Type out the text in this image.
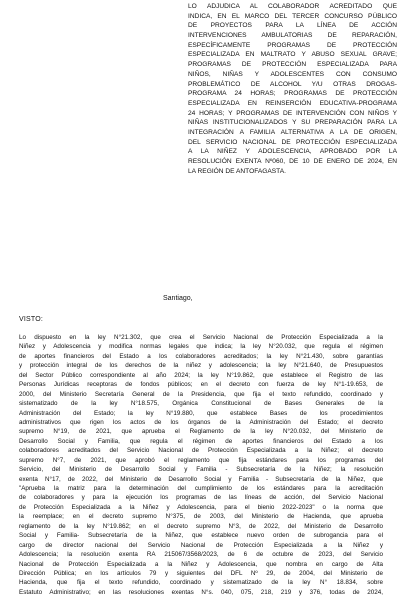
LO ADJUDICA AL COLABORADOR ACREDITADO QUE
INDICA, EN EL MARCO DEL TERCER CONCURSO PÚBLICO
DE PROYECTOS PARA LA LÍNEA DE ACCIÓN
INTERVENCIONES AMBULATORIAS DE REPARACIÓN,
ESPECÍFICAMENTE PROGRAMAS DE PROTECCIÓN
ESPECIALIZADA EN MALTRATO Y ABUSO SEXUAL GRAVE;
PROGRAMAS DE PROTECCIÓN ESPECIALIZADA PARA
NIÑOS, NIÑAS Y ADOLESCENTES CON CONSUMO
PROBLEMÁTICO DE ALCOHOL Y/U OTRAS DROGAS-
PROGRAMA 24 HORAS; PROGRAMAS DE PROTECCIÓN
ESPECIALIZADA EN REINSERCIÓN EDUCATIVA-PROGRAMA
24 HORAS; Y PROGRAMAS DE INTERVENCIÓN CON NIÑOS Y
NIÑAS INSTITUCIONALIZADOS Y SU PREPARACIÓN PARA LA
INTEGRACIÓN A FAMILIA ALTERNATIVA A LA DE ORIGEN,
DEL SERVICIO NACIONAL DE PROTECCIÓN ESPECIALIZADA
A LA NIÑEZ Y ADOLESCENCIA, APROBADO POR LA
RESOLUCIÓN EXENTA Nº060, DE 10 DE ENERO DE 2024, EN
LA REGIÓN DE ANTOFAGASTA.
Santiago,
VISTO:
Lo dispuesto en la ley N°21.302, que crea el Servicio Nacional de Protección Especializada a la
Niñez y Adolescencia y modifica normas legales que indica; la ley N°20.032, que regula el régimen
de aportes financieros del Estado a los colaboradores acreditados; la ley N°21.430, sobre garantías
y protección integral de los derechos de la niñez y adolescencia; la ley N°21.640, de Presupuestos
del Sector Público correspondiente al año 2024; la ley N°19.862, que establece el Registro de las
Personas Jurídicas receptoras de fondos públicos; en el decreto con fuerza de ley N°1-19.653, de
2000, del Ministerio Secretaría General de la Presidencia, que fija el texto refundido, coordinado y
sistematizado de la ley N°18.575, Orgánica Constitucional de Bases Generales de la
Administración del Estado; la ley N°19.880, que establece Bases de los procedimientos
administrativos que rigen los actos de los órganos de la Administración del Estado; el decreto
supremo N°19, de 2021, que aprueba el Reglamento de la ley N°20.032, del Ministerio de
Desarrollo Social y Familia, que regula el régimen de aportes financieros del Estado a los
colaboradores acreditados del Servicio Nacional de Protección Especializada a la Niñez; el decreto
supremo N°7, de 2021, que aprobó el reglamento que fija estándares para los programas del
Servicio, del Ministerio de Desarrollo Social y Familia - Subsecretaría de la Niñez; la resolución
exenta N°17, de 2022, del Ministerio de Desarrollo Social y Familia - Subsecretaría de la Niñez, que
"Aprueba la matriz para la determinación del cumplimiento de los estándares para la acreditación
de colaboradores y para la ejecución los programas de las líneas de acción, del Servicio Nacional
de Protección Especializada a la Niñez y Adolescencia, para el bienio 2022-2023" o la norma que
la reemplace; en el decreto supremo N°375, de 2003, del Ministerio de Hacienda, que aprueba
reglamento de la ley N°19.862; en el decreto supremo N°3, de 2022, del Ministerio de Desarrollo
Social y Familia- Subsecretaría de la Niñez, que establece nuevo orden de subrogancia para el
cargo de director nacional del Servicio Nacional de Protección Especializada a la Niñez y
Adolescencia; la resolución exenta RA 215067/3568/2023, de 6 de octubre de 2023, del Servicio
Nacional de Protección Especializada a la Niñez y Adolescencia, que nombra en cargo de Alta
Dirección Pública; en los artículos 79 y siguientes del DFL Nº 29, de 2004, del Ministerio de
Hacienda, que fija el texto refundido, coordinado y sistematizado de la ley N° 18.834, sobre
Estatuto Administrativo; en las resoluciones exentas N°s. 040, 075, 218, 219 y 376, todas de 2024,
